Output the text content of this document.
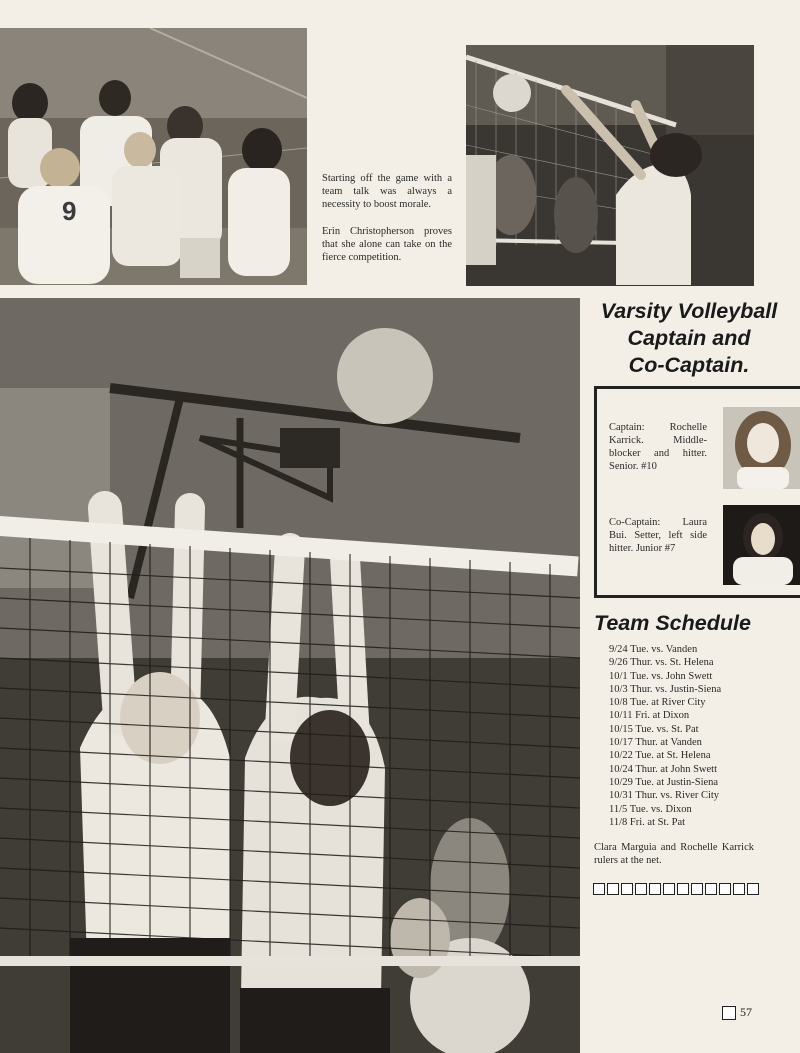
9

Starting off the game with a team talk was always a necessity to boost morale.

Erin Christopherson proves that she alone can take on the fierce competition.

Varsity Volleyball
Captain and
Co-Captain.

Captain: Rochelle Karrick. Middle-blocker and hitter. Senior. #10

Co-Captain: Laura Bui. Setter, left side hitter. Junior #7

Team Schedule
9/24 Tue. vs. Vanden
9/26 Thur. vs. St. Helena
10/1 Tue. vs. John Swett
10/3 Thur. vs. Justin-Siena
10/8 Tue. at River City
10/11 Fri. at Dixon
10/15 Tue. vs. St. Pat
10/17 Thur. at Vanden
10/22 Tue. at St. Helena
10/24 Thur. at John Swett
10/29 Tue. at Justin-Siena
10/31 Thur. vs. River City
11/5 Tue. vs. Dixon
11/8 Fri. at St. Pat

Clara Marguia and Rochelle Karrick rulers at the net.

57
